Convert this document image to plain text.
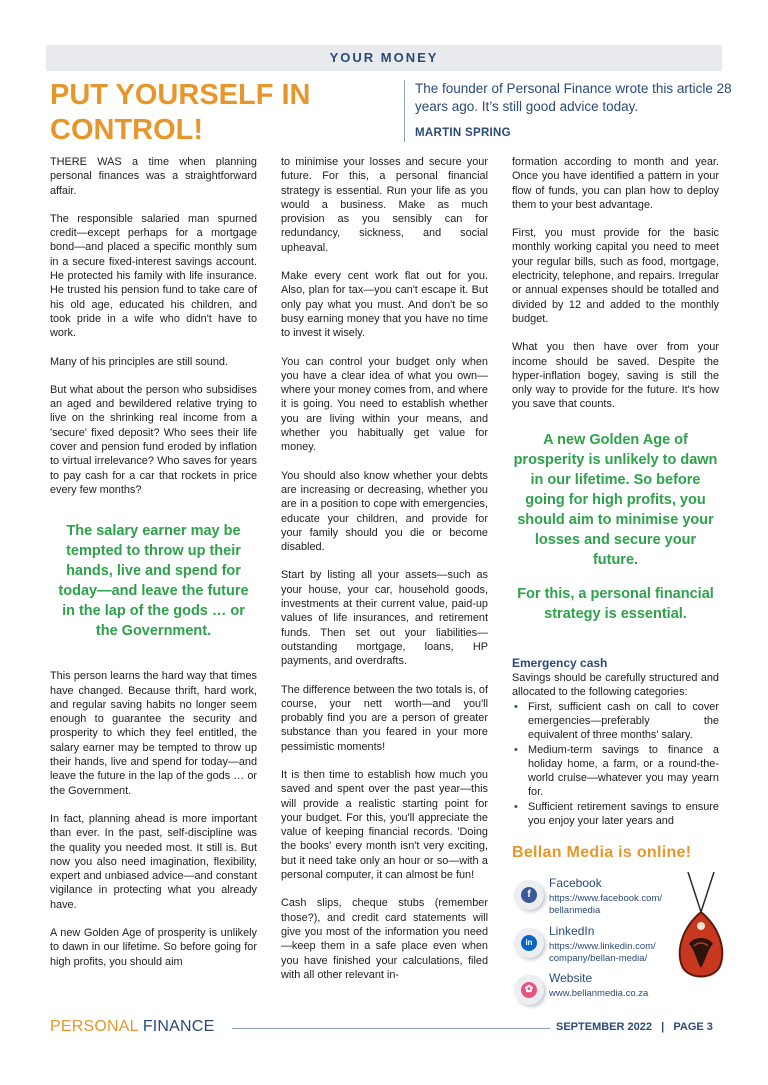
YOUR MONEY
PUT YOURSELF IN CONTROL!

The founder of Personal Finance wrote this article 28 years ago. It’s still good advice today.

MARTIN SPRING

THERE WAS a time when planning personal finances was a straightforward affair.

The responsible salaried man spurned credit—except perhaps for a mortgage bond—and placed a specific monthly sum in a secure fixed-interest savings account. He protected his family with life insurance. He trusted his pension fund to take care of his old age, educated his children, and took pride in a wife who didn't have to work.

Many of his principles are still sound.

But what about the person who subsidises an aged and bewildered relative trying to live on the shrinking real income from a 'secure' fixed deposit? Who sees their life cover and pension fund eroded by inflation to virtual irrelevance? Who saves for years to pay cash for a car that rockets in price every few months?

The salary earner may be tempted to throw up their hands, live and spend for today—and leave the future in the lap of the gods … or the Government.

This person learns the hard way that times have changed. Because thrift, hard work, and regular saving habits no longer seem enough to guarantee the security and prosperity to which they feel entitled, the salary earner may be tempted to throw up their hands, live and spend for today—and leave the future in the lap of the gods … or the Government.

In fact, planning ahead is more important than ever. In the past, self-discipline was the quality you needed most. It still is. But now you also need imagination, flexibility, expert and unbiased advice—and constant vigilance in protecting what you already have.

A new Golden Age of prosperity is unlikely to dawn in our lifetime. So before going for high profits, you should aim

to minimise your losses and secure your future. For this, a personal financial strategy is essential. Run your life as you would a business. Make as much provision as you sensibly can for redundancy, sickness, and social upheaval.

Make every cent work flat out for you. Also, plan for tax—you can't escape it. But only pay what you must. And don't be so busy earning money that you have no time to invest it wisely.

You can control your budget only when you have a clear idea of what you own—where your money comes from, and where it is going. You need to establish whether you are living within your means, and whether you habitually get value for money.

You should also know whether your debts are increasing or decreasing, whether you are in a position to cope with emergencies, educate your children, and provide for your family should you die or become disabled.

Start by listing all your assets—such as your house, your car, household goods, investments at their current value, paid-up values of life insurances, and retirement funds. Then set out your liabilities—outstanding mortgage, loans, HP payments, and overdrafts.

The difference between the two totals is, of course, your nett worth—and you'll probably find you are a person of greater substance than you feared in your more pessimistic moments!

It is then time to establish how much you saved and spent over the past year—this will provide a realistic starting point for your budget. For this, you'll appreciate the value of keeping financial records. 'Doing the books' every month isn't very exciting, but it need take only an hour or so—with a personal computer, it can almost be fun!

Cash slips, cheque stubs (remember those?), and credit card statements will give you most of the information you need—keep them in a safe place even when you have finished your calculations, filed with all other relevant in-

formation according to month and year. Once you have identified a pattern in your flow of funds, you can plan how to deploy them to your best advantage.

First, you must provide for the basic monthly working capital you need to meet your regular bills, such as food, mortgage, electricity, telephone, and repairs. Irregular or annual expenses should be totalled and divided by 12 and added to the monthly budget.

What you then have over from your income should be saved. Despite the hyper-inflation bogey, saving is still the only way to provide for the future. It's how you save that counts.

A new Golden Age of prosperity is unlikely to dawn in our lifetime. So before going for high profits, you should aim to minimise your losses and secure your future.
For this, a personal financial strategy is essential.
Emergency cash

Savings should be carefully structured and allocated to the following categories:

• First, sufficient cash on call to cover emergencies—preferably the equivalent of three months' salary.
• Medium-term savings to finance a holiday home, a farm, or a round-the-world cruise—whatever you may yearn for.
• Sufficient retirement savings to ensure you enjoy your later years and
Bellan Media is online!
f
Facebook
https://www.facebook.com/ bellanmedia
in
LinkedIn
https://www.linkedin.com/ company/bellan-media/
✿
Website
www.bellanmedia.co.za
PERSONAL FINANCE	SEPTEMBER 2022   |   PAGE 3
